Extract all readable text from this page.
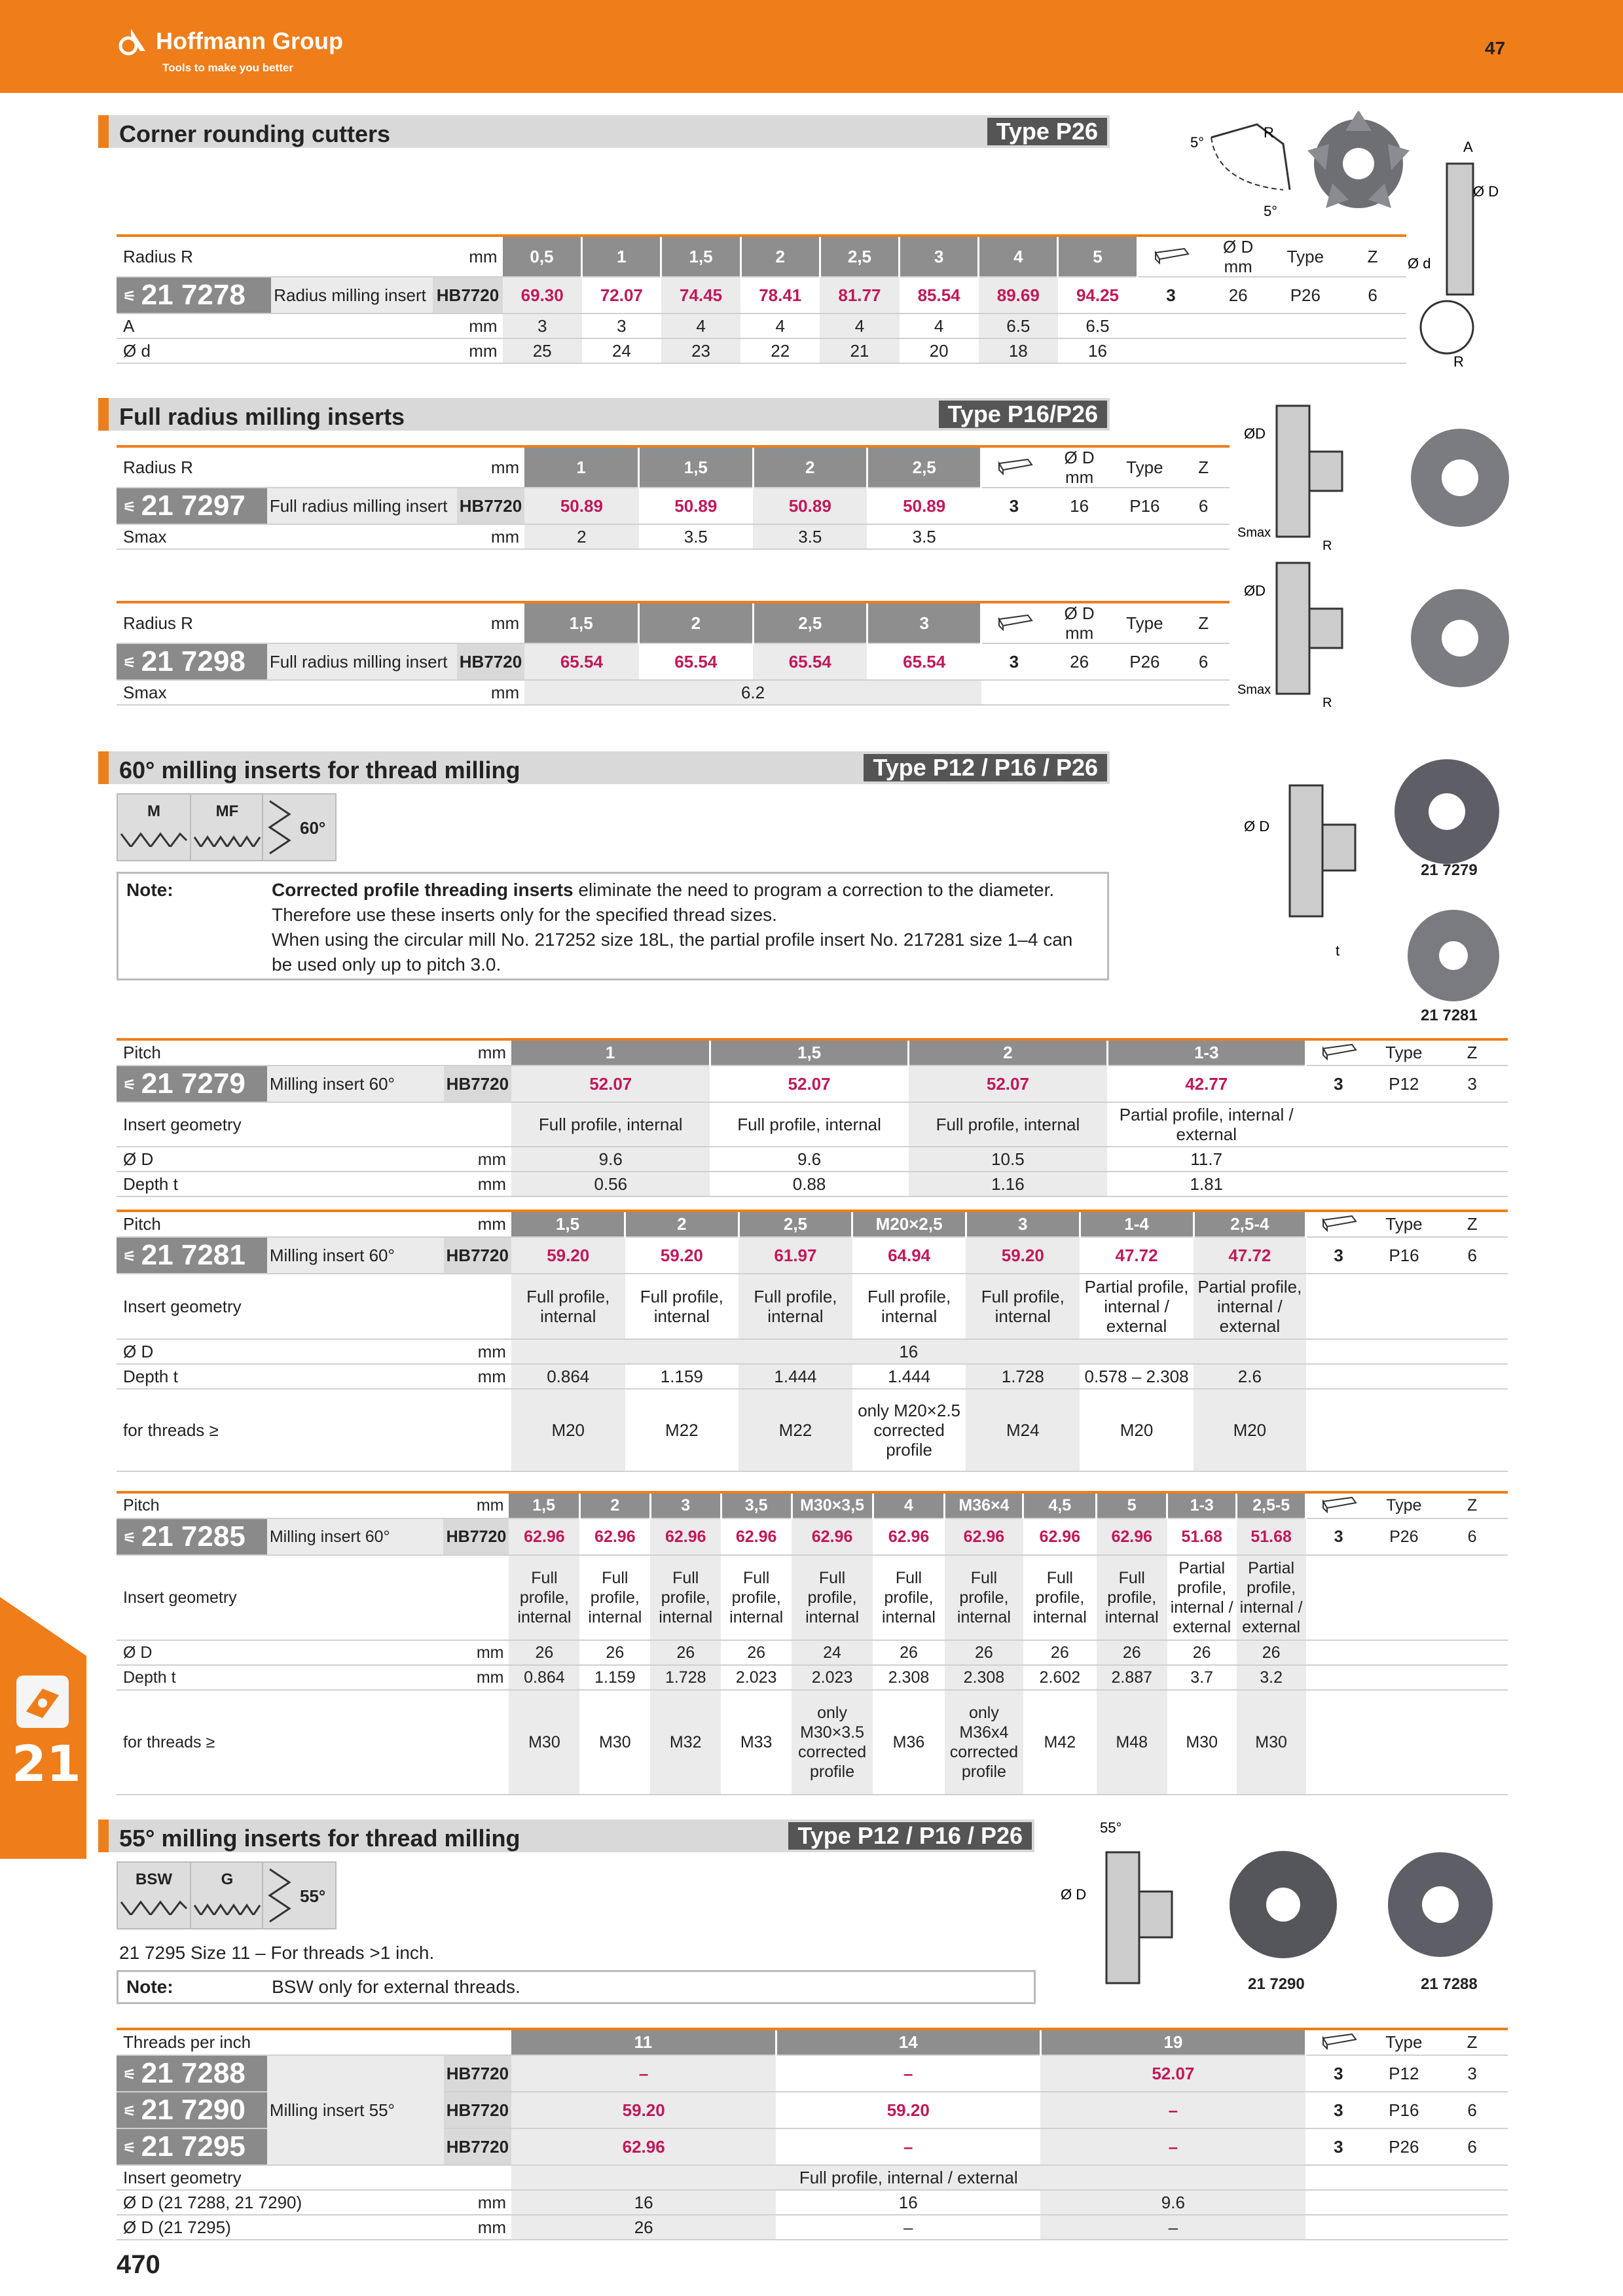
Hoffmann Group
Tools to make you better
47	GBP
21
Corner rounding cutters	Type P26	5°
R
5°
A
Ø D
Ø d
R
Radius R		mm	0,5	1	1,5	2	2,5	3	4	5		Ø D mm	Type	Z
⚟ 21 7278	Radius milling insert	HB7720	69.30	72.07	74.45	78.41	81.77	85.54	89.69	94.25	3	26	P26	6
A		mm	3	3	4	4	4	4	6.5	6.5				
Ø d		mm	25	24	23	22	21	20	18	16				
Full radius milling inserts	Type P16/P26
Radius R		mm	1	1,5	2	2,5		Ø D mm	Type	Z
⚟ 21 7297	Full radius milling insert	HB7720	50.89	50.89	50.89	50.89	3	16	P16	6
Smax		mm	2	3.5	3.5	3.5				
Radius R		mm	1,5	2	2,5	3		Ø D mm	Type	Z
⚟ 21 7298	Full radius milling insert	HB7720	65.54	65.54	65.54	65.54	3	26	P26	6
Smax		mm	6.2							
ØD
Smax
R
ØD
Smax
R
60° milling inserts for thread milling	Type P12 / P16 / P26
M	MF
60°
Note:	Corrected profile threading inserts eliminate the need to program a correction to the diameter.
Therefore use these inserts only for the specified thread sizes.
When using the circular mill No. 217252 size 18L, the partial profile insert No. 217281 size 1–4 can
be used only up to pitch 3.0.
Ø D
t
21 7279
21 7281
Pitch		mm	1	1,5	2	1-3		Type	Z
⚟ 21 7279	Milling insert 60°	HB7720	52.07	52.07	52.07	42.77	3	P12	3
Insert geometry			Full profile, internal	Full profile, internal	Full profile, internal	Partial profile, internal / external			
Ø D		mm	9.6	9.6	10.5	11.7			
Depth t		mm	0.56	0.88	1.16	1.81			
Pitch		mm	1,5	2	2,5	M20×2,5	3	1-4	2,5-4		Type	Z
⚟ 21 7281	Milling insert 60°	HB7720	59.20	59.20	61.97	64.94	59.20	47.72	47.72	3	P16	6
Insert geometry			Full profile, internal	Full profile, internal	Full profile, internal	Full profile, internal	Full profile, internal	Partial profile, internal / external	Partial profile, internal / external			
Ø D		mm	16									
Depth t		mm	0.864	1.159	1.444	1.444	1.728	0.578 – 2.308	2.6			
for threads ≥			M20	M22	M22	only M20×2.5 corrected profile	M24	M20	M20			
Pitch		mm	1,5	2	3	3,5	M30×3,5	4	M36×4	4,5	5	1-3	2,5-5		Type	Z
⚟ 21 7285	Milling insert 60°	HB7720	62.96	62.96	62.96	62.96	62.96	62.96	62.96	62.96	62.96	51.68	51.68	3	P26	6
Insert geometry			Full profile, internal	Full profile, internal	Full profile, internal	Full profile, internal	Full profile, internal	Full profile, internal	Full profile, internal	Full profile, internal	Full profile, internal	Partial profile, internal / external	Partial profile, internal / external			
Ø D		mm	26	26	26	26	24	26	26	26	26	26	26			
Depth t		mm	0.864	1.159	1.728	2.023	2.023	2.308	2.308	2.602	2.887	3.7	3.2			
for threads ≥			M30	M30	M32	M33	only M30×3.5 corrected profile	M36	only M36x4 corrected profile	M42	M48	M30	M30			
55° milling inserts for thread milling	Type P12 / P16 / P26
BSW	G
55°
21 7295 Size 11 – For threads >1 inch.
Note:	BSW only for external threads.
55°
Ø D
21 7290	21 7288
Threads per inch			11	14	19		Type	Z
⚟ 21 7288	Milling insert 55°	HB7720	–	–	52.07	3	P12	3
⚟ 21 7290		HB7720	59.20	59.20	–	3	P16	6
⚟ 21 7295		HB7720	62.96	–	–	3	P26	6
Insert geometry			Full profile, internal / external					
Ø D (21 7288, 21 7290)		mm	16	16	9.6			
Ø D (21 7295)		mm	26	–	–			
470
